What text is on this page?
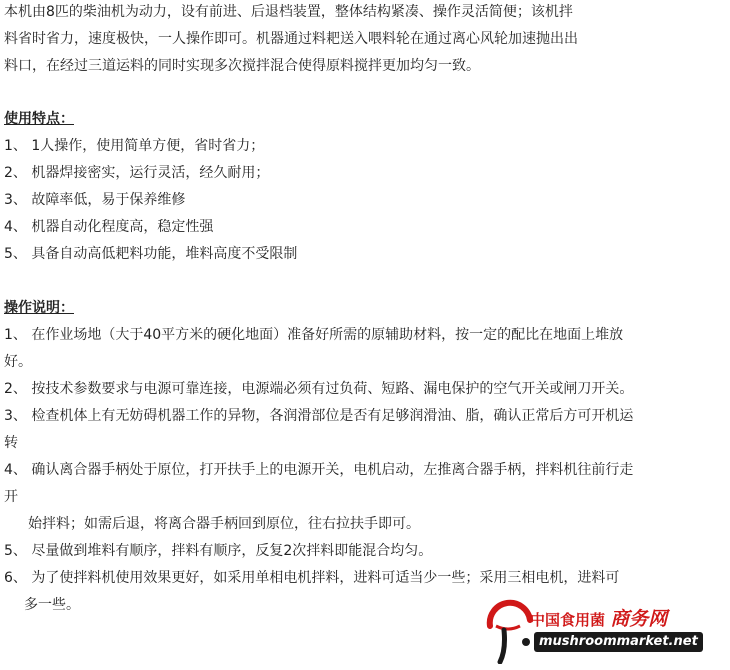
本机由8匹的柴油机为动力，设有前进、后退档装置，整体结构紧凑、操作灵活简便；该机拌
料省时省力，速度极快，一人操作即可。机器通过料耙送入喂料轮在通过离心风轮加速抛出出
料口，在经过三道运料的同时实现多次搅拌混合使得原料搅拌更加均匀一致。
使用特点：
1、 1人操作，使用简单方便，省时省力；
2、 机器焊接密实，运行灵活，经久耐用；
3、 故障率低，易于保养维修
4、 机器自动化程度高，稳定性强
5、 具备自动高低耙料功能，堆料高度不受限制
操作说明：
1、 在作业场地（大于40平方米的硬化地面）准备好所需的原辅助材料，按一定的配比在地面上堆放
好。
2、 按技术参数要求与电源可靠连接，电源端必须有过负荷、短路、漏电保护的空气开关或闸刀开关。
3、 检查机体上有无妨碍机器工作的异物，各润滑部位是否有足够润滑油、脂，确认正常后方可开机运
转
4、 确认离合器手柄处于原位，打开扶手上的电源开关，电机启动，左推离合器手柄，拌料机往前行走
开
始拌料；如需后退，将离合器手柄回到原位，往右拉扶手即可。
5、 尽量做到堆料有顺序，拌料有顺序，反复2次拌料即能混合均匀。
6、 为了使拌料机使用效果更好，如采用单相电机拌料，进料可适当少一些；采用三相电机，进料可
多一些。
中国食用菌 商务网
mushroommarket.net
